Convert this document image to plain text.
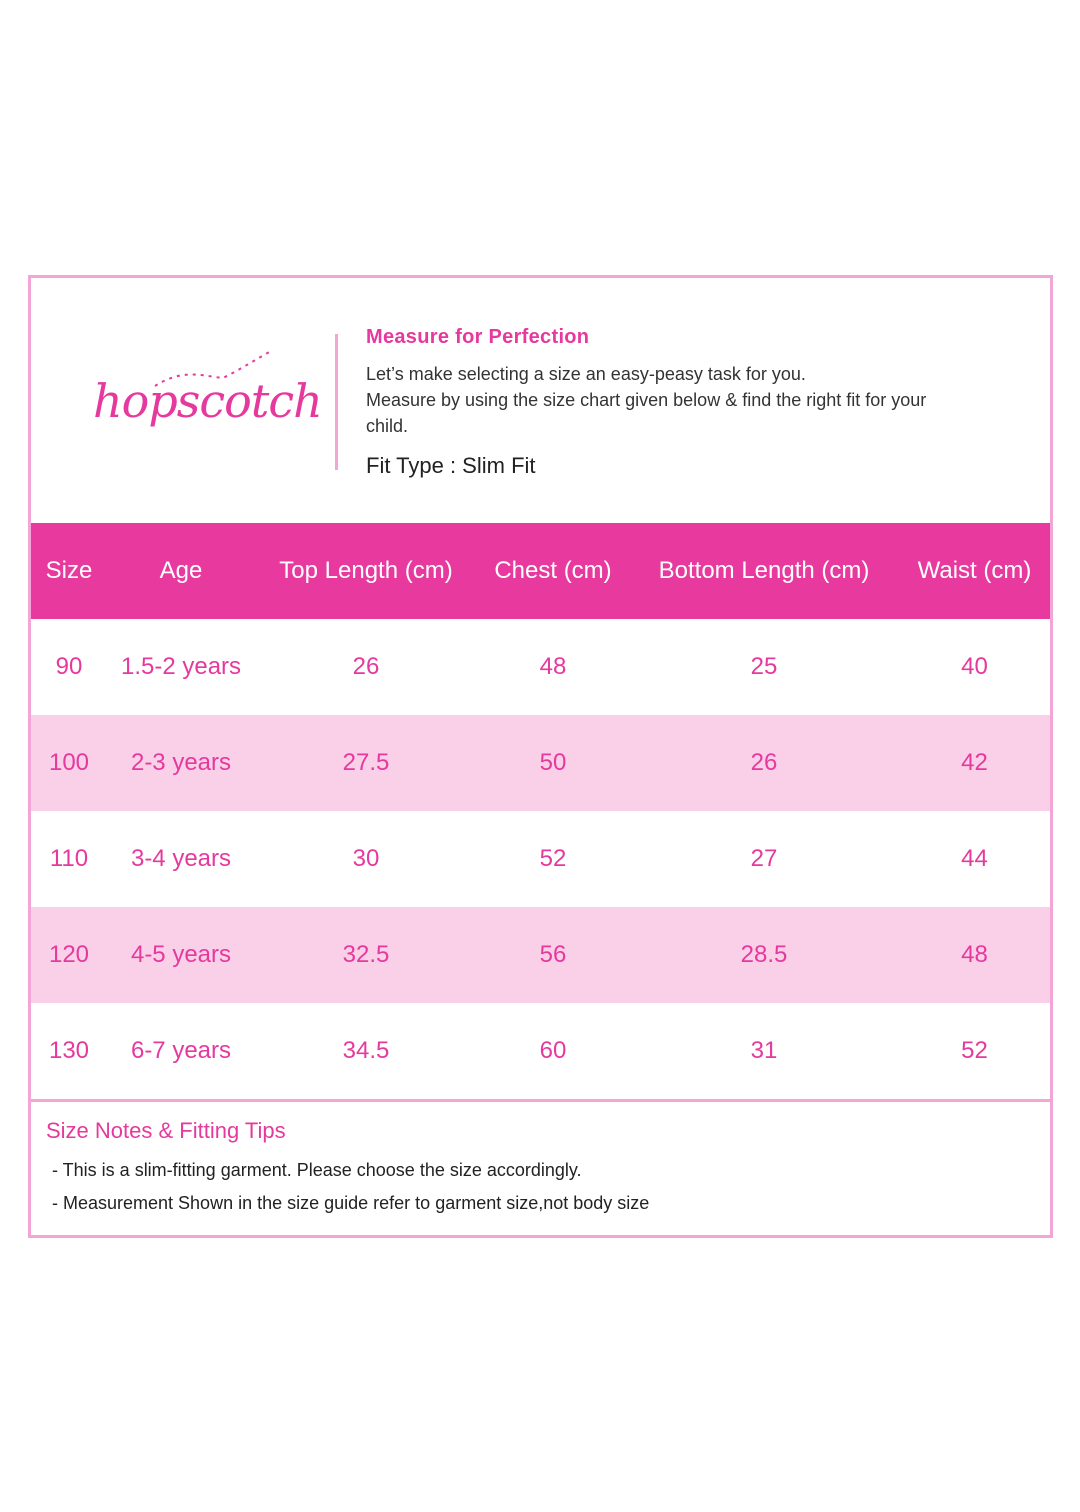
hopscotch
Measure for Perfection
Let’s make selecting a size an easy-peasy task for you.
Measure by using the size chart given below & find the right fit for your
child.
Fit Type : Slim Fit
Size	Age	Top Length (cm)	Chest (cm)	Bottom Length (cm)	Waist (cm)
90	1.5-2 years	26	48	25	40
100	2-3 years	27.5	50	26	42
110	3-4 years	30	52	27	44
120	4-5 years	32.5	56	28.5	48
130	6-7 years	34.5	60	31	52
Size Notes & Fitting Tips
- This is a slim-fitting garment. Please choose the size accordingly.
- Measurement Shown in the size guide refer to garment size,not body size
